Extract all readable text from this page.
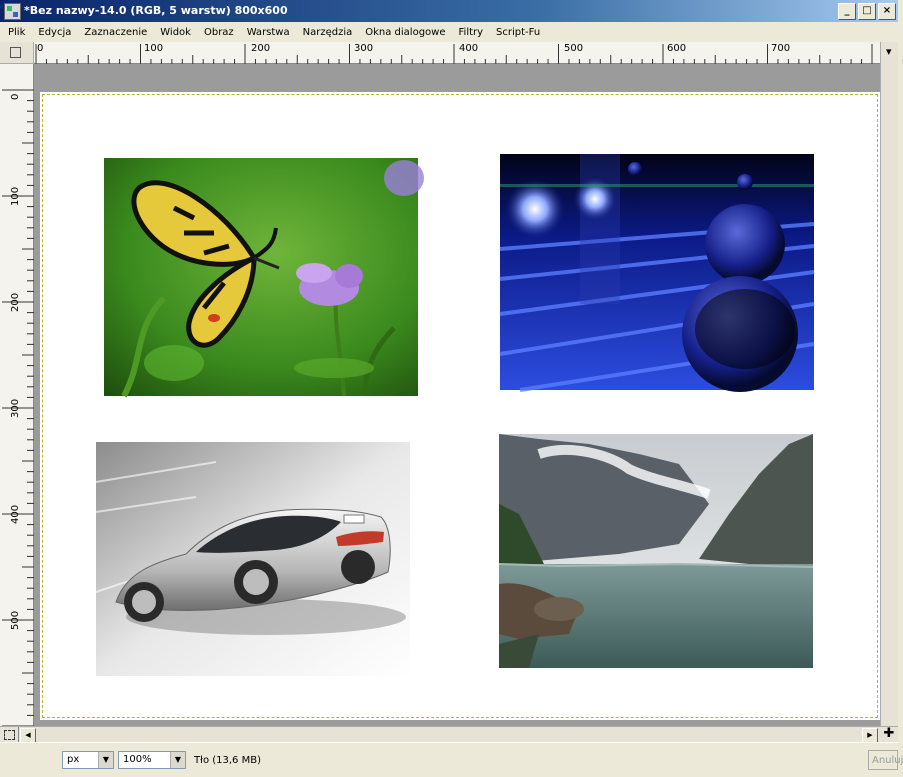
*Bez nazwy-14.0 (RGB, 5 warstw) 800x600	_	□	×
Plik Edycja Zaznaczenie Widok Obraz Warstwa Narzędzia Okna dialogowe Filtry Script-Fu
0	100	200	300	400	500	600	700
▾
0
100
200
300
400
500
◀	▶ ✚
px	▼	100%	▼	Tło (13,6 MB)	Anuluj
